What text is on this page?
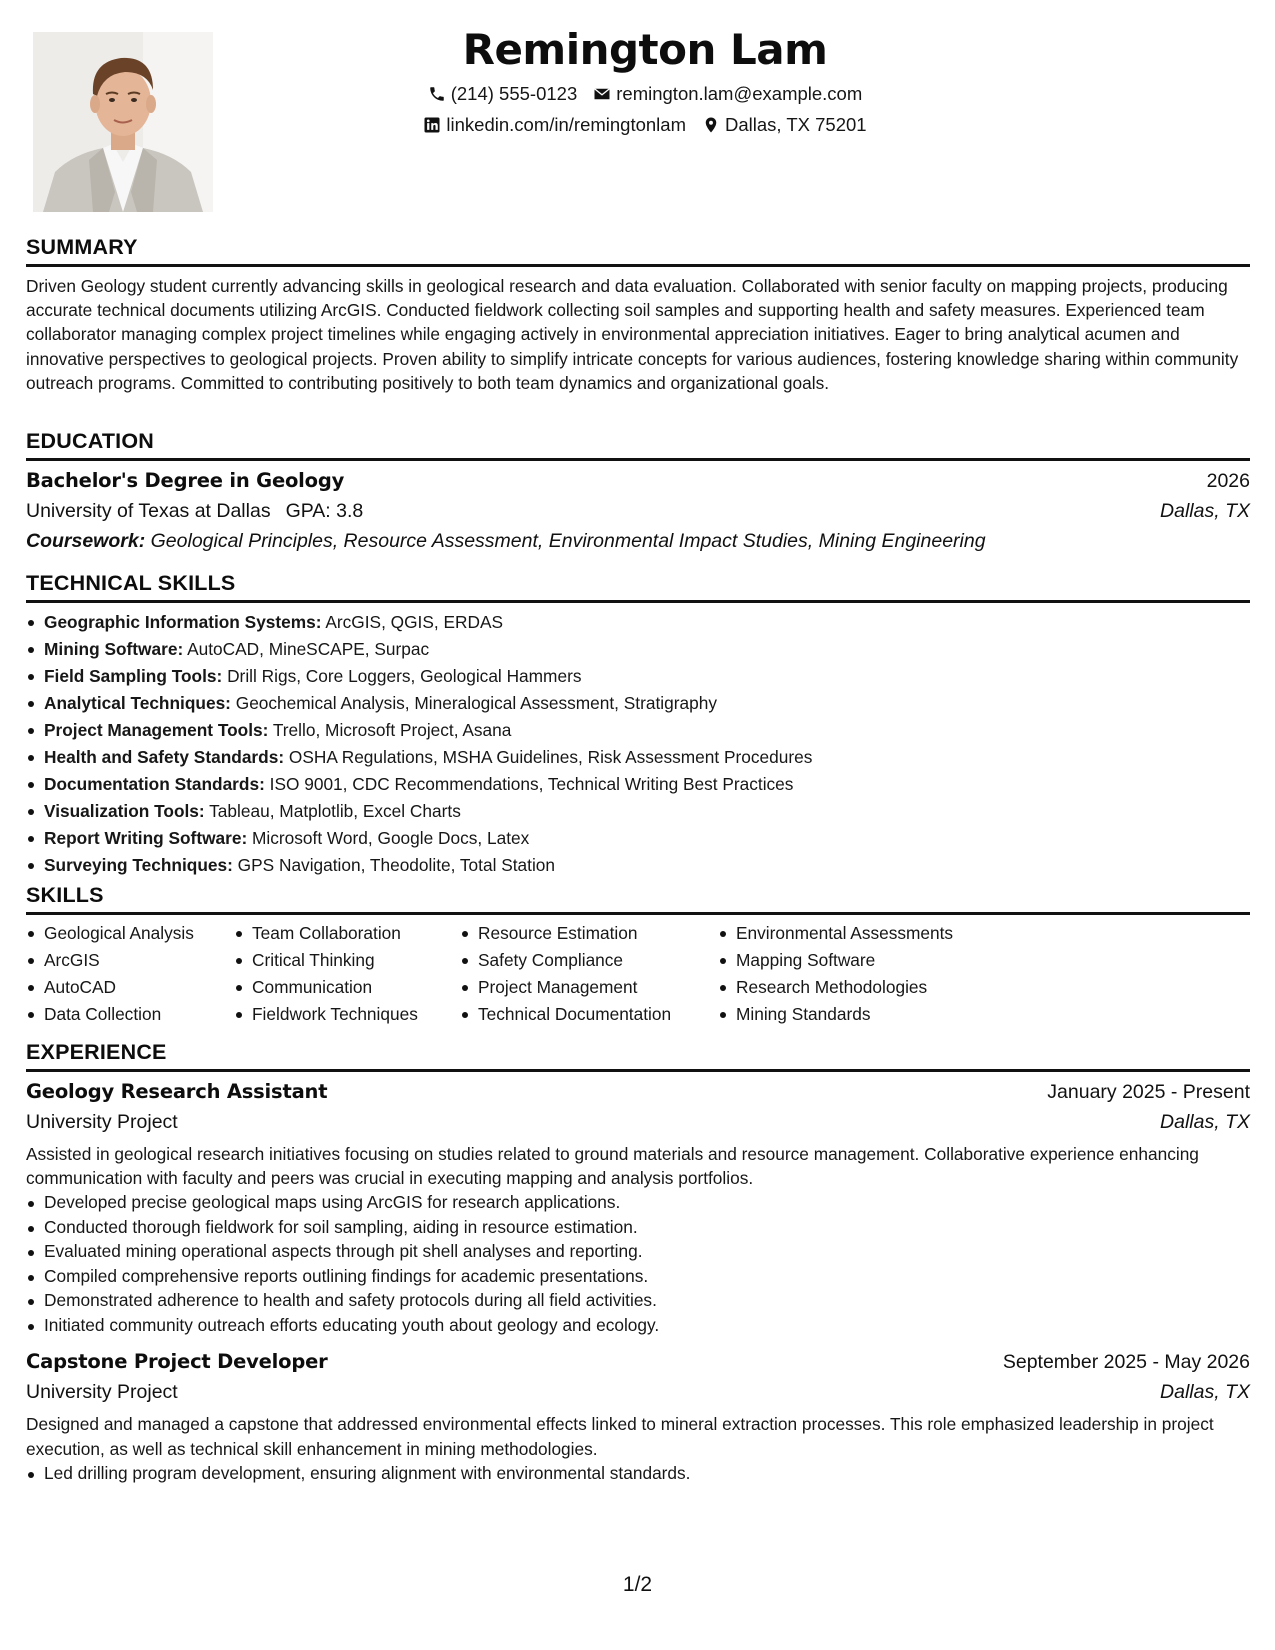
Remington Lam
(214) 555-0123 remington.lam@example.com
linkedin.com/in/remingtonlam Dallas, TX 75201
SUMMARY
Driven Geology student currently advancing skills in geological research and data evaluation. Collaborated with senior faculty on mapping projects, producing accurate technical documents utilizing ArcGIS. Conducted fieldwork collecting soil samples and supporting health and safety measures. Experienced team collaborator managing complex project timelines while engaging actively in environmental appreciation initiatives. Eager to bring analytical acumen and innovative perspectives to geological projects. Proven ability to simplify intricate concepts for various audiences, fostering knowledge sharing within community outreach programs. Committed to contributing positively to both team dynamics and organizational goals.
EDUCATION
Bachelor's Degree in Geology	2026
University of Texas at Dallas GPA: 3.8	Dallas, TX
Coursework: Geological Principles, Resource Assessment, Environmental Impact Studies, Mining Engineering
TECHNICAL SKILLS
Geographic Information Systems: ArcGIS, QGIS, ERDAS
Mining Software: AutoCAD, MineSCAPE, Surpac
Field Sampling Tools: Drill Rigs, Core Loggers, Geological Hammers
Analytical Techniques: Geochemical Analysis, Mineralogical Assessment, Stratigraphy
Project Management Tools: Trello, Microsoft Project, Asana
Health and Safety Standards: OSHA Regulations, MSHA Guidelines, Risk Assessment Procedures
Documentation Standards: ISO 9001, CDC Recommendations, Technical Writing Best Practices
Visualization Tools: Tableau, Matplotlib, Excel Charts
Report Writing Software: Microsoft Word, Google Docs, Latex
Surveying Techniques: GPS Navigation, Theodolite, Total Station
SKILLS
Geological Analysis
ArcGIS
AutoCAD
Data Collection
Team Collaboration
Critical Thinking
Communication
Fieldwork Techniques
Resource Estimation
Safety Compliance
Project Management
Technical Documentation
Environmental Assessments
Mapping Software
Research Methodologies
Mining Standards
EXPERIENCE
Geology Research Assistant	January 2025 - Present
University Project	Dallas, TX
Assisted in geological research initiatives focusing on studies related to ground materials and resource management. Collaborative experience enhancing communication with faculty and peers was crucial in executing mapping and analysis portfolios.
Developed precise geological maps using ArcGIS for research applications.
Conducted thorough fieldwork for soil sampling, aiding in resource estimation.
Evaluated mining operational aspects through pit shell analyses and reporting.
Compiled comprehensive reports outlining findings for academic presentations.
Demonstrated adherence to health and safety protocols during all field activities.
Initiated community outreach efforts educating youth about geology and ecology.
Capstone Project Developer	September 2025 - May 2026
University Project	Dallas, TX
Designed and managed a capstone that addressed environmental effects linked to mineral extraction processes. This role emphasized leadership in project execution, as well as technical skill enhancement in mining methodologies.
Led drilling program development, ensuring alignment with environmental standards.
1/2
